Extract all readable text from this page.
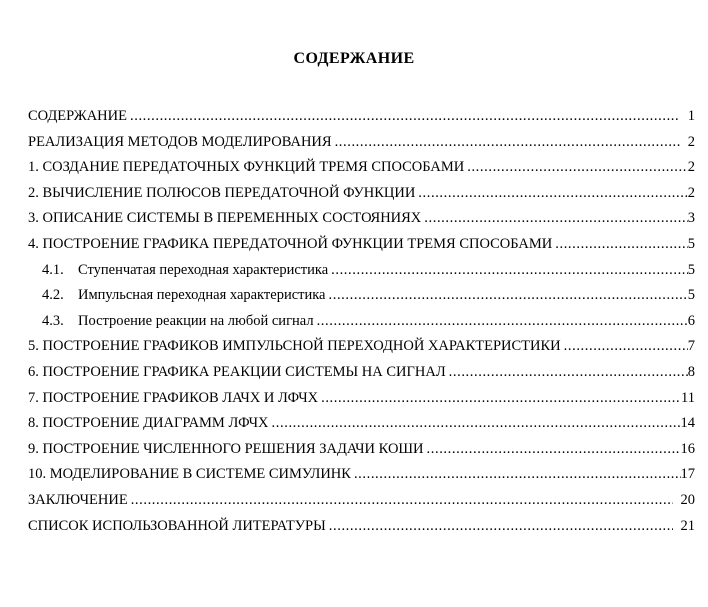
СОДЕРЖАНИЕ
СОДЕРЖАНИЕ .....	1
РЕАЛИЗАЦИЯ МЕТОДОВ МОДЕЛИРОВАНИЯ .....	2
1. СОЗДАНИЕ ПЕРЕДАТОЧНЫХ ФУНКЦИЙ ТРЕМЯ СПОСОБАМИ .....	2
2. ВЫЧИСЛЕНИЕ ПОЛЮСОВ ПЕРЕДАТОЧНОЙ ФУНКЦИИ .....	2
3. ОПИСАНИЕ СИСТЕМЫ В ПЕРЕМЕННЫХ СОСТОЯНИЯХ .....	3
4. ПОСТРОЕНИЕ ГРАФИКА ПЕРЕДАТОЧНОЙ ФУНКЦИИ ТРЕМЯ СПОСОБАМИ .....	5
4.1. Ступенчатая переходная характеристика .....	5
4.2. Импульсная переходная характеристика .....	5
4.3. Построение реакции на любой сигнал .....	6
5. ПОСТРОЕНИЕ ГРАФИКОВ ИМПУЛЬСНОЙ ПЕРЕХОДНОЙ ХАРАКТЕРИСТИКИ .....	7
6. ПОСТРОЕНИЕ ГРАФИКА РЕАКЦИИ СИСТЕМЫ НА СИГНАЛ .....	8
7. ПОСТРОЕНИЕ ГРАФИКОВ ЛАЧХ И ЛФЧХ .....	11
8. ПОСТРОЕНИЕ ДИАГРАММ ЛФЧХ .....	14
9. ПОСТРОЕНИЕ ЧИСЛЕННОГО РЕШЕНИЯ ЗАДАЧИ КОШИ .....	16
10. МОДЕЛИРОВАНИЕ В СИСТЕМЕ СИМУЛИНК .....	17
ЗАКЛЮЧЕНИЕ .....	20
СПИСОК ИСПОЛЬЗОВАННОЙ ЛИТЕРАТУРЫ .....	21
